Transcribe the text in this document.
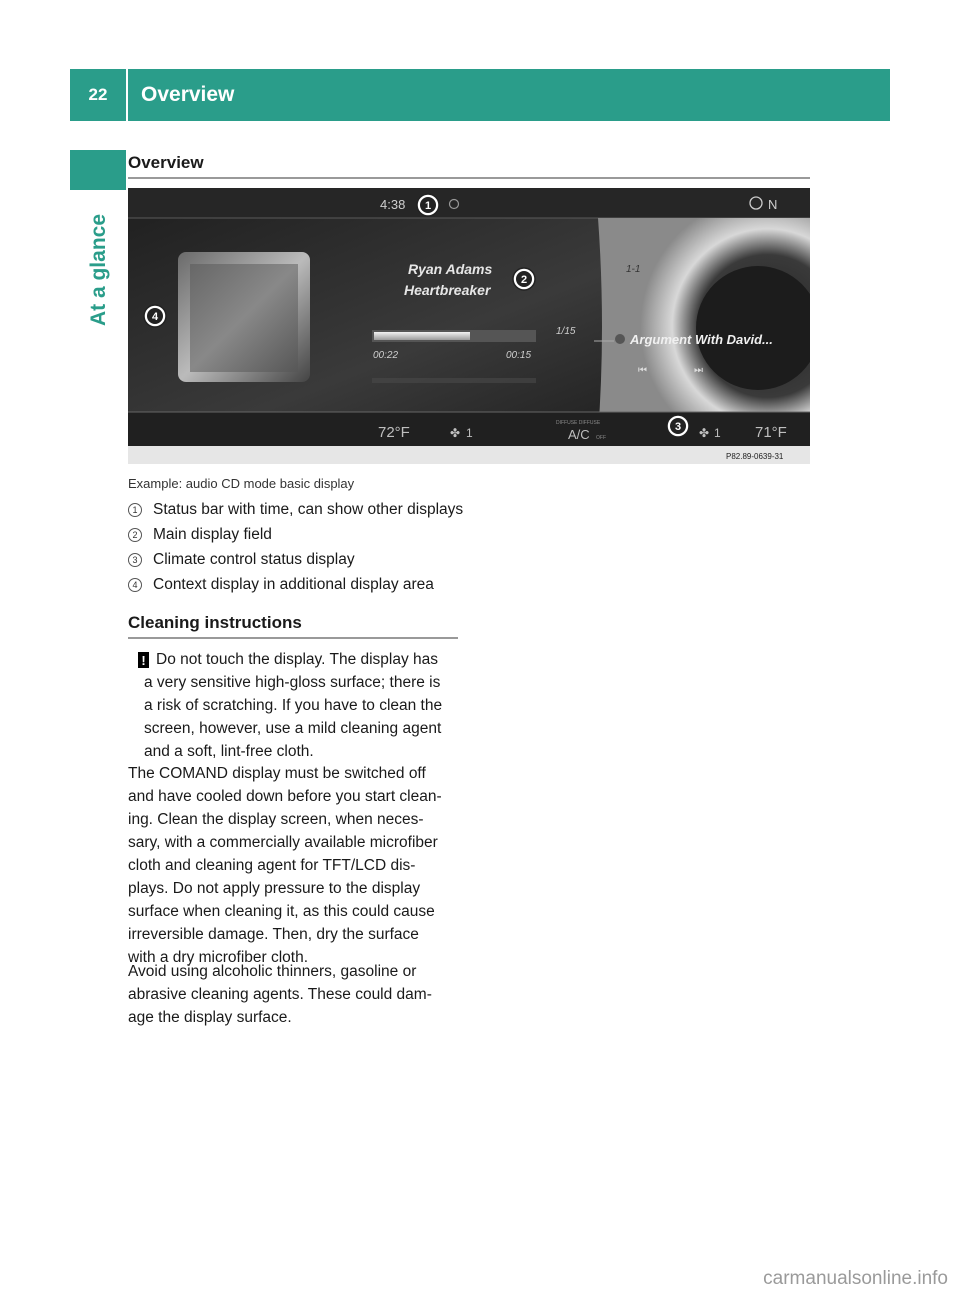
22	Overview
At a glance
Overview
4:38	N
Ryan Adams
Heartbreaker
00:22	00:15
1/15
1-1
Argument With David...
⏮	⏭
72°F	✤ 1
DIFFUSE DIFFUSE
A/C OFF	✤ 1 71°F
P82.89-0639-31
1
2
3
4
Example: audio CD mode basic display
1 Status bar with time, can show other displays
2 Main display field
3 Climate control status display
4 Context display in additional display area
Cleaning instructions
! Do not touch the display. The display has
a very sensitive high-gloss surface; there is
a risk of scratching. If you have to clean the
screen, however, use a mild cleaning agent
and a soft, lint-free cloth.
The COMAND display must be switched off
and have cooled down before you start clean-
ing. Clean the display screen, when neces-
sary, with a commercially available microfiber
cloth and cleaning agent for TFT/LCD dis-
plays. Do not apply pressure to the display
surface when cleaning it, as this could cause
irreversible damage. Then, dry the surface
with a dry microfiber cloth.
Avoid using alcoholic thinners, gasoline or
abrasive cleaning agents. These could dam-
age the display surface.
carmanualsonline.info
